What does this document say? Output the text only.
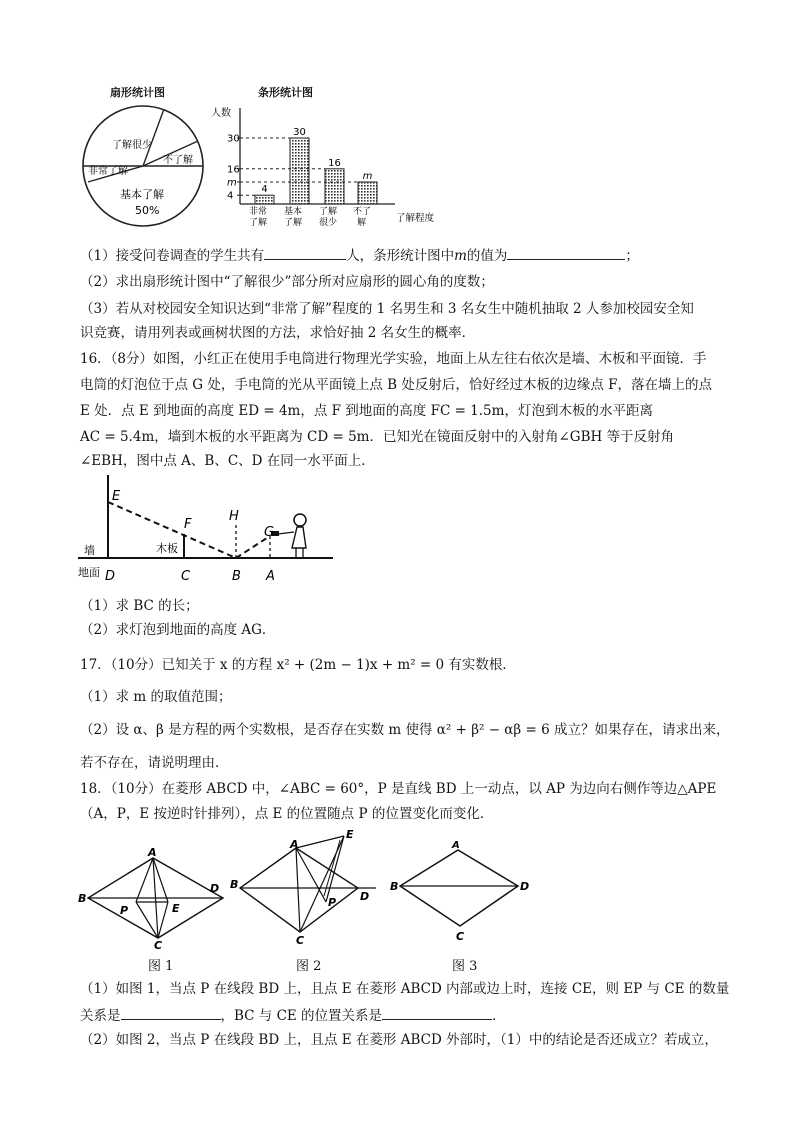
扇形统计图
了解很少
不了解
非常了解
基本了解
50%
条形统计图
人数
了解程度
30
16
m
4
4
30
16
m
非常
了解
基本
了解
了解
很少
不了
解
（1）接受问卷调查的学生共有	人，条形统计图中m的值为	；
（2）求出扇形统计图中“了解很少”部分所对应扇形的圆心角的度数；
（3）若从对校园安全知识达到“非常了解”程度的 1 名男生和 3 名女生中随机抽取 2 人参加校园安全知
识竞赛，请用列表或画树状图的方法，求恰好抽 2 名女生的概率．
16．（8分）如图，小红正在使用手电筒进行物理光学实验，地面上从左往右依次是墙、木板和平面镜．手
电筒的灯泡位于点 G 处，手电筒的光从平面镜上点 B 处反射后，恰好经过木板的边缘点 F，落在墙上的点
E 处．点 E 到地面的高度 ED = 4m，点 F 到地面的高度 FC = 1.5m，灯泡到木板的水平距离
AC = 5.4m，墙到木板的水平距离为 CD = 5m．已知光在镜面反射中的入射角∠GBH 等于反射角
∠EBH，图中点 A、B、C、D 在同一水平面上．
E
F
H
G
墙	木板
地面 D	C	B A
（1）求 BC 的长；
（2）求灯泡到地面的高度 AG．
17．（10分）已知关于 x 的方程 x² + (2m − 1)x + m² = 0 有实数根．
（1）求 m 的取值范围；
（2）设 α、β 是方程的两个实数根，是否存在实数 m 使得 α² + β² − αβ = 6 成立？如果存在，请求出来，
若不存在，请说明理由．
18．（10分）在菱形 ABCD 中，∠ABC = 60°，P 是直线 BD 上一动点，以 AP 为边向右侧作等边△APE
（A，P，E 按逆时针排列），点 E 的位置随点 P 的位置变化而变化．
A
B
D
P	E
C
A
E
B
D
P
C
A
B	D
C
图 1	图 2	图 3
（1）如图 1，当点 P 在线段 BD 上，且点 E 在菱形 ABCD 内部或边上时，连接 CE，则 EP 与 CE 的数量
关系是	，BC 与 CE 的位置关系是	．
（2）如图 2，当点 P 在线段 BD 上，且点 E 在菱形 ABCD 外部时，（1）中的结论是否还成立？若成立，
